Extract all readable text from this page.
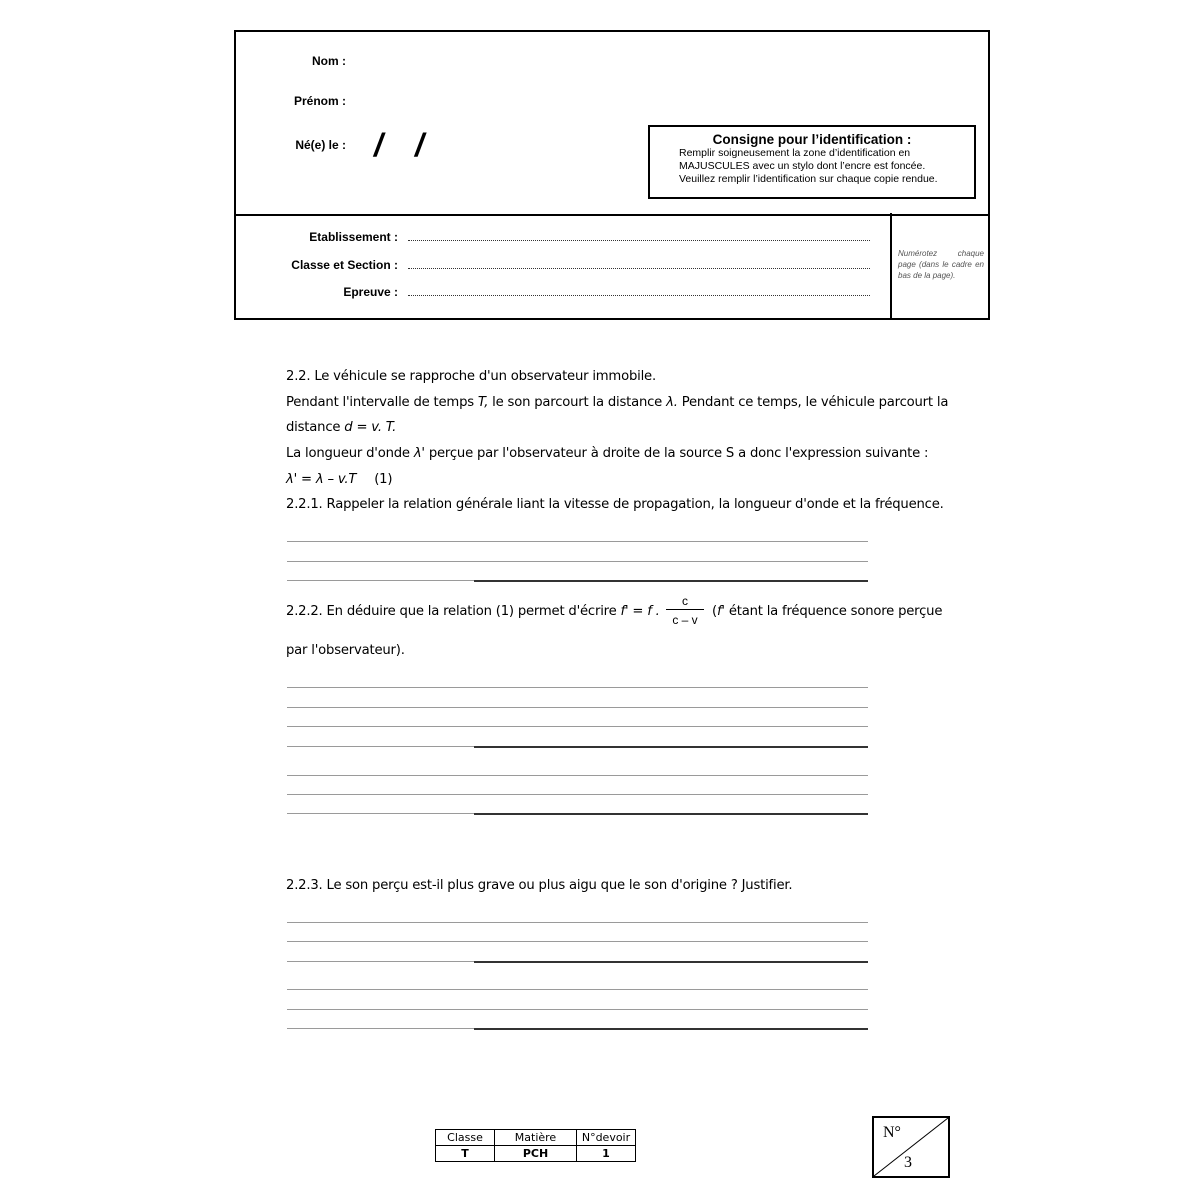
Nom :
Prénom :
Né(e) le : / /	Consigne pour l’identification :
Remplir soigneusement la zone d’identification en
MAJUSCULES avec un stylo dont l’encre est foncée.
Veuillez remplir l’identification sur chaque copie rendue.
Etablissement :
Classe et Section :
Epreuve :
Numérotez chaque page (dans le cadre en bas de la page).
2.2. Le véhicule se rapproche d'un observateur immobile.
Pendant l'intervalle de temps T, le son parcourt la distance λ. Pendant ce temps, le véhicule parcourt la
distance d = v. T.
La longueur d'onde λ' perçue par l'observateur à droite de la source S a donc l'expression suivante :
λ' = λ – v.T (1)
2.2.1. Rappeler la relation générale liant la vitesse de propagation, la longueur d'onde et la fréquence.
2.2.2. En déduire que la relation (1) permet d'écrire f' = f .
c
c – v
(f' étant la fréquence sonore perçue
par l'observateur).
2.2.3. Le son perçu est-il plus grave ou plus aigu que le son d'origine ? Justifier.
Classe	Matière	N°devoir
T	PCH	1
N°
3
